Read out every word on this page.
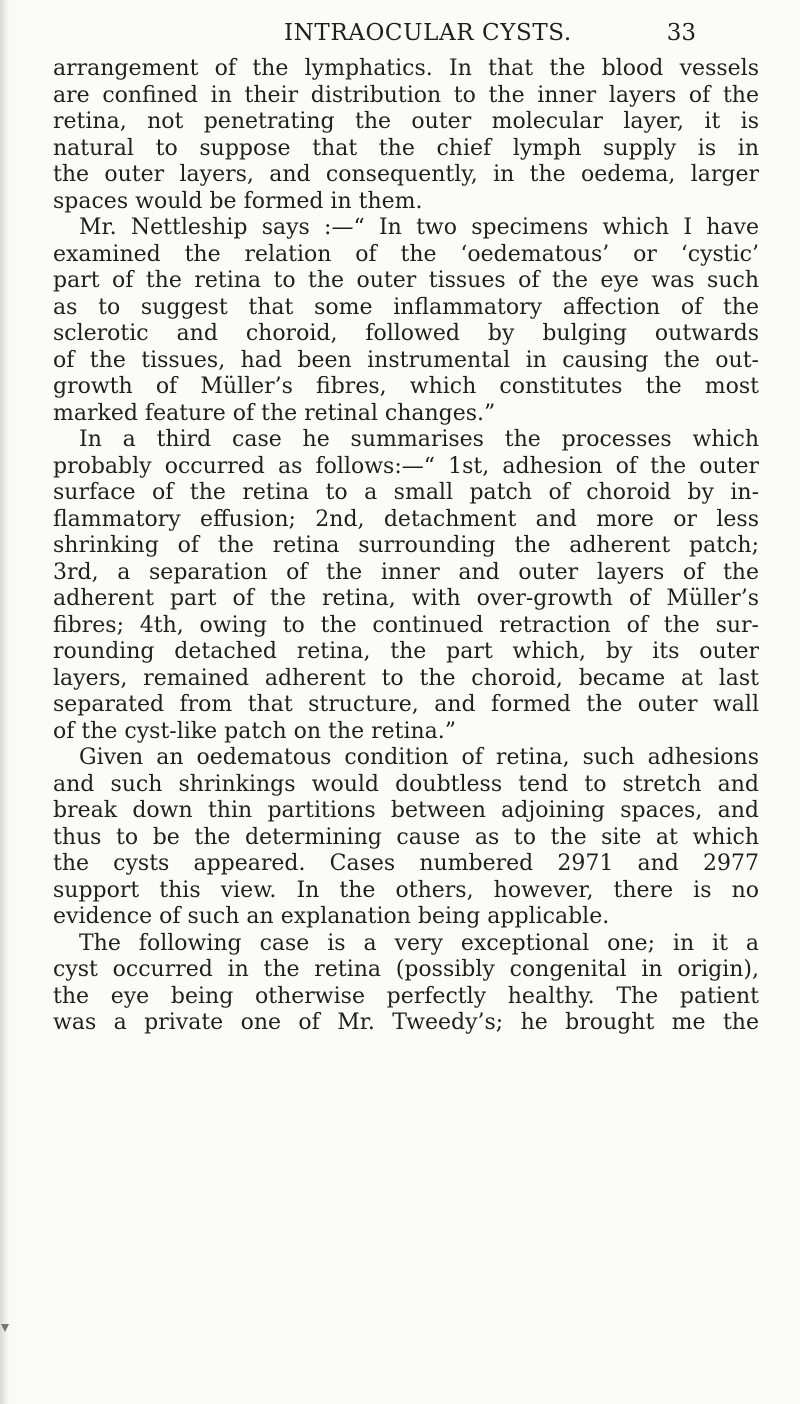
INTRAOCULAR CYSTS.	33
arrangement of the lymphatics. In that the blood vessels
are confined in their distribution to the inner layers of the
retina, not penetrating the outer molecular layer, it is
natural to suppose that the chief lymph supply is in
the outer layers, and consequently, in the oedema, larger
spaces would be formed in them.
Mr. Nettleship says :—“ In two specimens which I have
examined the relation of the ‘oedematous’ or ‘cystic’
part of the retina to the outer tissues of the eye was such
as to suggest that some inflammatory affection of the
sclerotic and choroid, followed by bulging outwards
of the tissues, had been instrumental in causing the out-
growth of Müller’s fibres, which constitutes the most
marked feature of the retinal changes.”
In a third case he summarises the processes which
probably occurred as follows:—“ 1st, adhesion of the outer
surface of the retina to a small patch of choroid by in-
flammatory effusion; 2nd, detachment and more or less
shrinking of the retina surrounding the adherent patch;
3rd, a separation of the inner and outer layers of the
adherent part of the retina, with over-growth of Müller’s
fibres; 4th, owing to the continued retraction of the sur-
rounding detached retina, the part which, by its outer
layers, remained adherent to the choroid, became at last
separated from that structure, and formed the outer wall
of the cyst-like patch on the retina.”
Given an oedematous condition of retina, such adhesions
and such shrinkings would doubtless tend to stretch and
break down thin partitions between adjoining spaces, and
thus to be the determining cause as to the site at which
the cysts appeared. Cases numbered 2971 and 2977
support this view. In the others, however, there is no
evidence of such an explanation being applicable.
The following case is a very exceptional one; in it a
cyst occurred in the retina (possibly congenital in origin),
the eye being otherwise perfectly healthy. The patient
was a private one of Mr. Tweedy’s; he brought me the
